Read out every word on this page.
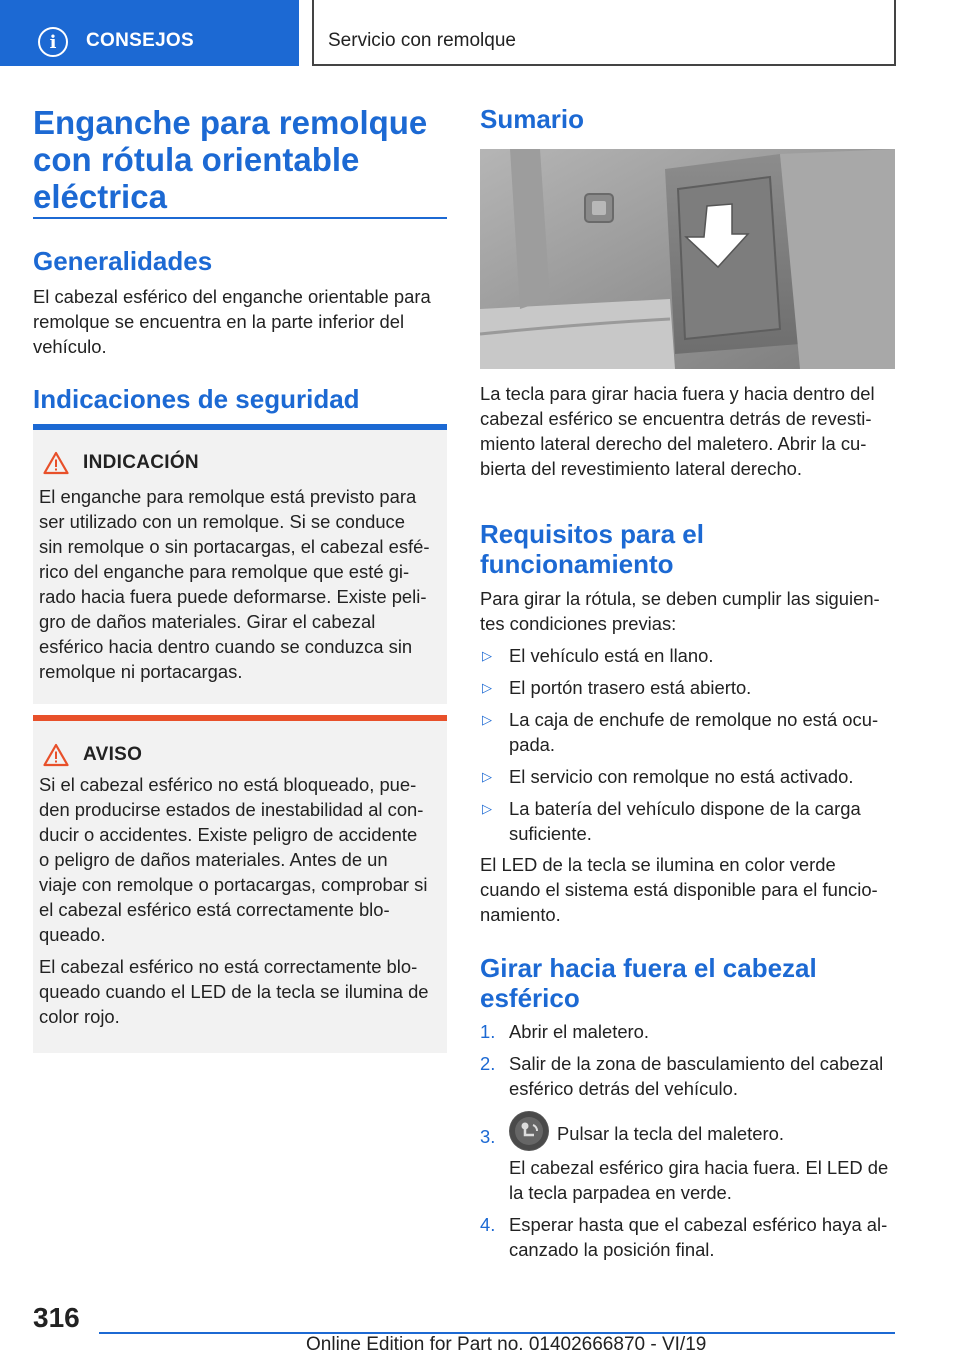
i	CONSEJOS	Servicio con remolque
Enganche para remolque
con rótula orientable
eléctrica
Generalidades
El cabezal esférico del enganche orientable para
remolque se encuentra en la parte inferior del
vehículo.
Indicaciones de seguridad
INDICACIÓN
El enganche para remolque está previsto para
ser utilizado con un remolque. Si se conduce
sin remolque o sin portacargas, el cabezal esfé‐
rico del enganche para remolque que esté gi‐
rado hacia fuera puede deformarse. Existe peli‐
gro de daños materiales. Girar el cabezal
esférico hacia dentro cuando se conduzca sin
remolque ni portacargas.
AVISO
Si el cabezal esférico no está bloqueado, pue‐
den producirse estados de inestabilidad al con‐
ducir o accidentes. Existe peligro de accidente
o peligro de daños materiales. Antes de un
viaje con remolque o portacargas, comprobar si
el cabezal esférico está correctamente blo‐
queado.
El cabezal esférico no está correctamente blo‐
queado cuando el LED de la tecla se ilumina de
color rojo.
Sumario
La tecla para girar hacia fuera y hacia dentro del
cabezal esférico se encuentra detrás de revesti‐
miento lateral derecho del maletero. Abrir la cu‐
bierta del revestimiento lateral derecho.
Requisitos para el
funcionamiento
Para girar la rótula, se deben cumplir las siguien‐
tes condiciones previas:
▷ El vehículo está en llano.
▷ El portón trasero está abierto.
▷ La caja de enchufe de remolque no está ocu‐
pada.
▷ El servicio con remolque no está activado.
▷ La batería del vehículo dispone de la carga
suficiente.
El LED de la tecla se ilumina en color verde
cuando el sistema está disponible para el funcio‐
namiento.
Girar hacia fuera el cabezal
esférico
1. Abrir el maletero.
2. Salir de la zona de basculamiento del cabezal
esférico detrás del vehículo.
3.	Pulsar la tecla del maletero.
El cabezal esférico gira hacia fuera. El LED de
la tecla parpadea en verde.
4. Esperar hasta que el cabezal esférico haya al‐
canzado la posición final.
316
Online Edition for Part no. 01402666870 - VI/19
